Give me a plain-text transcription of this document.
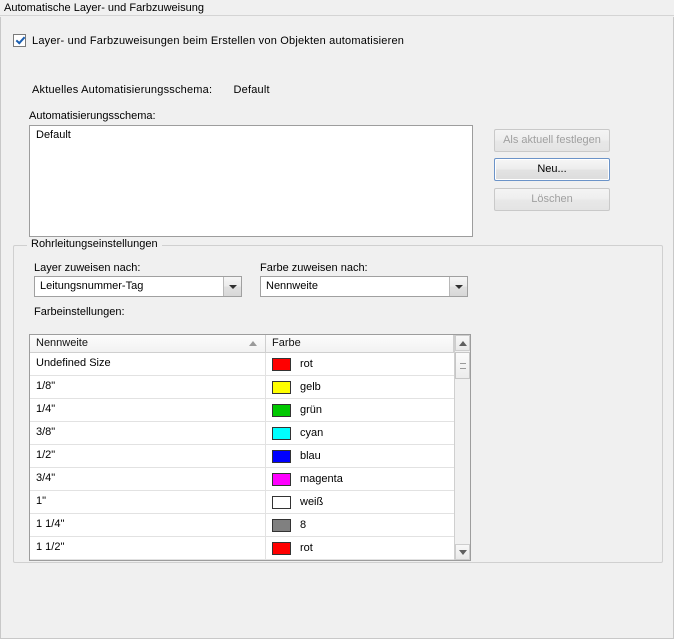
Automatische Layer- und Farbzuweisung
Layer- und Farbzuweisungen beim Erstellen von Objekten automatisieren
Aktuelles Automatisierungsschema: Default
Automatisierungsschema:
Default	Als aktuell festlegen
Neu...
Löschen
Rohrleitungseinstellungen
Layer zuweisen nach:
Leitungsnummer-Tag
Farbe zuweisen nach:
Nennweite
Farbeinstellungen:
Nennweite	Farbe
Undefined Size	rot
1/8"	gelb
1/4"	grün
3/8"	cyan
1/2"	blau
3/4"	magenta
1"	weiß
1 1/4"	8
1 1/2"	rot
